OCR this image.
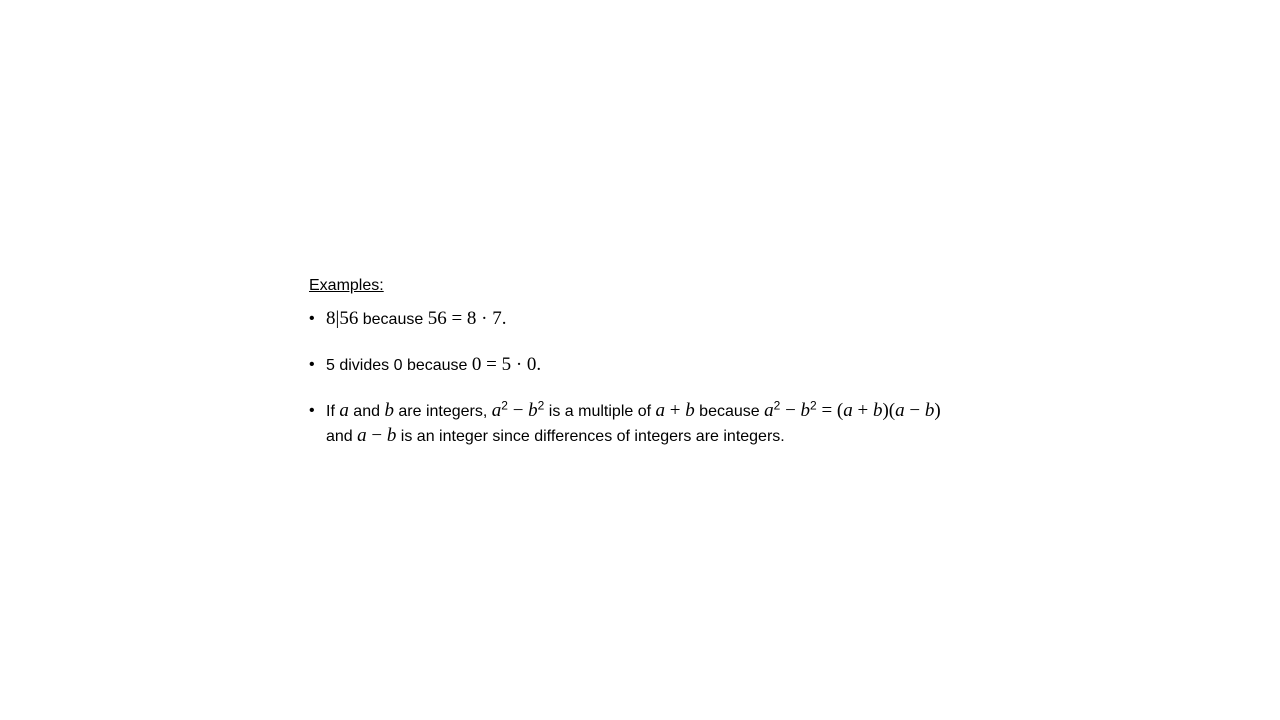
Examples:
• 8|56 because 56 = 8 · 7.
• 5 divides 0 because 0 = 5 · 0.
• If a and b are integers, $a^2 - b^2$ is a multiple of a + b because $a^2 - b^2 = (a + b)(a - b)$
and a − b is an integer since differences of integers are integers.
